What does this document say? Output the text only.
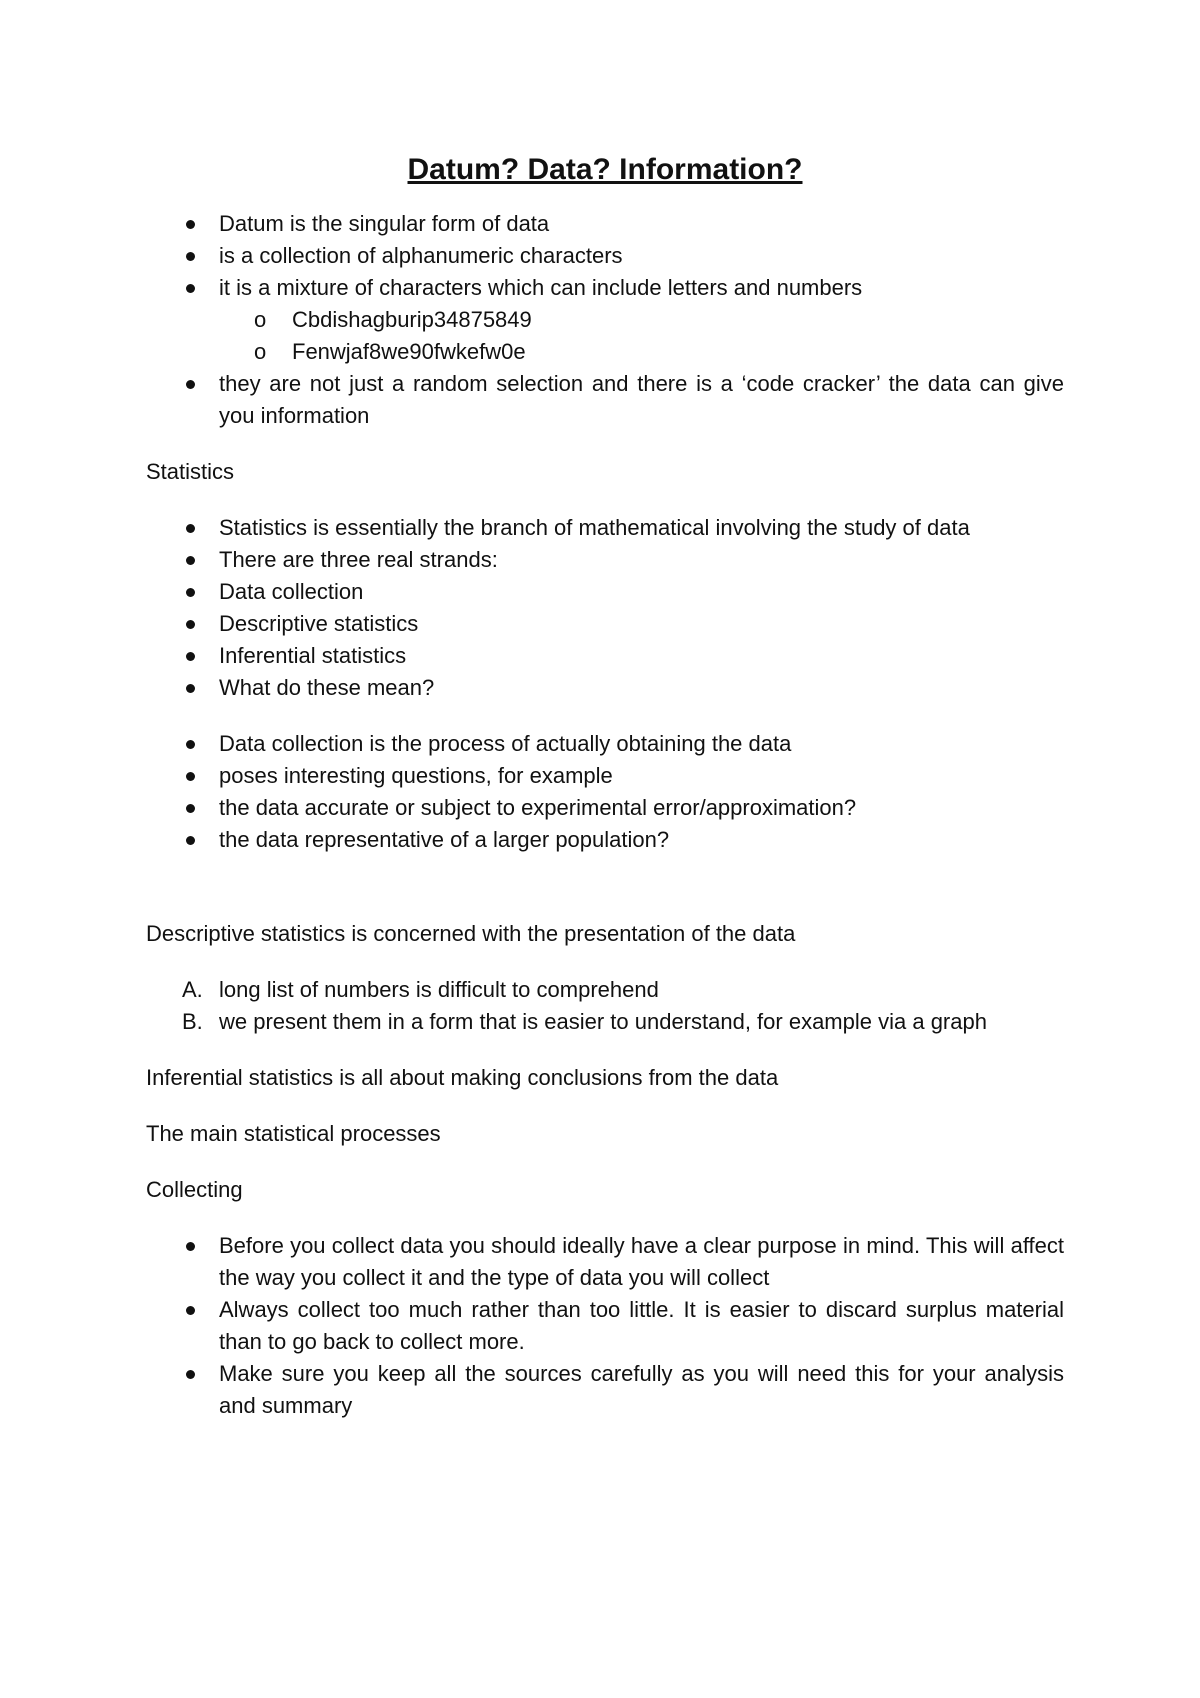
Datum? Data? Information?
Datum is the singular form of data
is a collection of alphanumeric characters
it is a mixture of characters which can include letters and numbers
o Cbdishagburip34875849
o Fenwjaf8we90fwkefw0e
they are not just a random selection and there is a ‘code cracker’ the data can give you information

Statistics

Statistics is essentially the branch of mathematical involving the study of data
There are three real strands:
Data collection
Descriptive statistics
Inferential statistics
What do these mean?
Data collection is the process of actually obtaining the data
poses interesting questions, for example
the data accurate or subject to experimental error/approximation?
the data representative of a larger population?

Descriptive statistics is concerned with the presentation of the data

A. long list of numbers is difficult to comprehend
B. we present them in a form that is easier to understand, for example via a graph

Inferential statistics is all about making conclusions from the data

The main statistical processes

Collecting

Before you collect data you should ideally have a clear purpose in mind. This will affect the way you collect it and the type of data you will collect
Always collect too much rather than too little. It is easier to discard surplus material than to go back to collect more.
Make sure you keep all the sources carefully as you will need this for your analysis and summary
